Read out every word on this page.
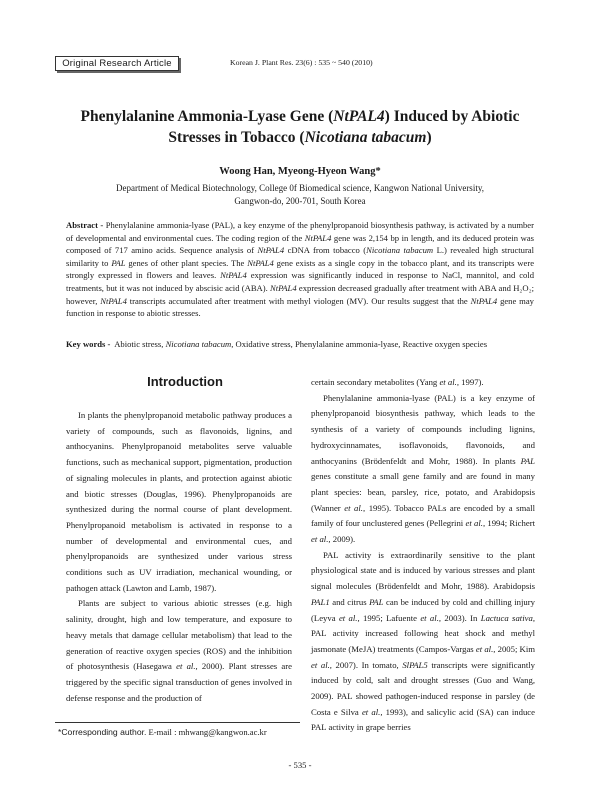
Original Research Article	Korean J. Plant Res. 23(6) : 535 ~ 540 (2010)
Phenylalanine Ammonia-Lyase Gene (NtPAL4) Induced by Abiotic
Stresses in Tobacco (Nicotiana tabacum)
Woong Han, Myeong-Hyeon Wang*
Department of Medical Biotechnology, College 0f Biomedical science, Kangwon National University,
Gangwon-do, 200-701, South Korea
Abstract - Phenylalanine ammonia-lyase (PAL), a key enzyme of the phenylpropanoid biosynthesis pathway, is activated by a number of developmental and environmental cues. The coding region of the NtPAL4 gene was 2,154 bp in length, and its deduced protein was composed of 717 amino acids. Sequence analysis of NtPAL4 cDNA from tobacco (Nicotiana tabacum L.) revealed high structural similarity to PAL genes of other plant species. The NtPAL4 gene exists as a single copy in the tobacco plant, and its transcripts were strongly expressed in flowers and leaves. NtPAL4 expression was significantly induced in response to NaCl, mannitol, and cold treatments, but it was not induced by abscisic acid (ABA). NtPAL4 expression decreased gradually after treatment with ABA and H₂O₂; however, NtPAL4 transcripts accumulated after treatment with methyl viologen (MV). Our results suggest that the NtPAL4 gene may function in response to abiotic stresses.
Key words -  Abiotic stress, Nicotiana tabacum, Oxidative stress, Phenylalanine ammonia-lyase, Reactive oxygen species
Introduction

In plants the phenylpropanoid metabolic pathway produces a variety of compounds, such as flavonoids, lignins, and anthocyanins. Phenylpropanoid metabolites serve valuable functions, such as mechanical support, pigmentation, production of signaling molecules in plants, and protection against abiotic and biotic stresses (Douglas, 1996). Phenylpropanoids are synthesized during the normal course of plant development. Phenylpropanoid metabolism is activated in response to a number of developmental and environmental cues, and phenylpropanoids are synthesized under various stress conditions such as UV irradiation, mechanical wounding, or pathogen attack (Lawton and Lamb, 1987).

Plants are subject to various abiotic stresses (e.g. high salinity, drought, high and low temperature, and exposure to heavy metals that damage cellular metabolism) that lead to the generation of reactive oxygen species (ROS) and the inhibition of photosynthesis (Hasegawa et al., 2000). Plant stresses are triggered by the specific signal transduction of genes involved in defense response and the production of

certain secondary metabolites (Yang et al., 1997).

Phenylalanine ammonia-lyase (PAL) is a key enzyme of phenylpropanoid biosynthesis pathway, which leads to the synthesis of a variety of compounds including lignins, hydroxycinnamates, isoflavonoids, flavonoids, and anthocyanins (Brödenfeldt and Mohr, 1988). In plants PAL genes constitute a small gene family and are found in many plant species: bean, parsley, rice, potato, and Arabidopsis (Wanner et al., 1995). Tobacco PALs are encoded by a small family of four unclustered genes (Pellegrini et al., 1994; Richert et al., 2009).

PAL activity is extraordinarily sensitive to the plant physiological state and is induced by various stresses and plant signal molecules (Brödenfeldt and Mohr, 1988). Arabidopsis PAL1 and citrus PAL can be induced by cold and chilling injury (Leyva et al., 1995; Lafuente et al., 2003). In Lactuca sativa, PAL activity increased following heat shock and methyl jasmonate (MeJA) treatments (Campos-Vargas et al., 2005; Kim et al., 2007). In tomato, SlPAL5 transcripts were significantly induced by cold, salt and drought stresses (Guo and Wang, 2009). PAL showed pathogen-induced response in parsley (de Costa e Silva et al., 1993), and salicylic acid (SA) can induce PAL activity in grape berries

*Corresponding author. E-mail : mhwang@kangwon.ac.kr
- 535 -
